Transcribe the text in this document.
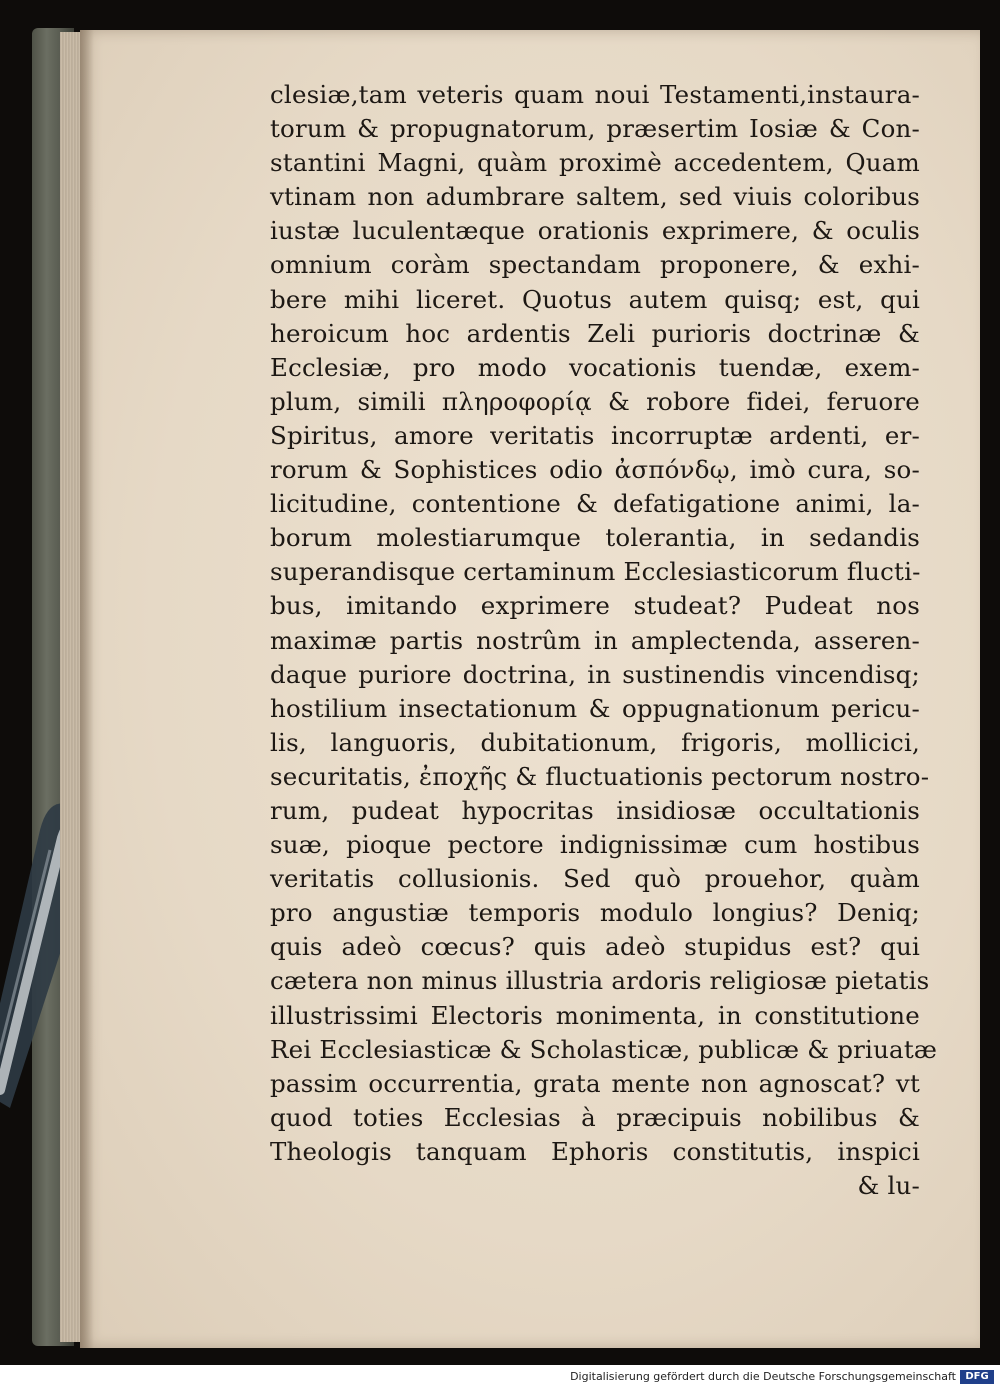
clesiæ,tam veteris quam noui Testamenti,instaura-
torum & propugnatorum, præsertim Iosiæ & Con-
stantini Magni, quàm proximè accedentem, Quam
vtinam non adumbrare saltem, sed viuis coloribus
iustæ luculentæque orationis exprimere, & oculis
omnium coràm spectandam proponere, & exhi-
bere mihi liceret. Quotus autem quisq; est, qui
heroicum hoc ardentis Zeli purioris doctrinæ &
Ecclesiæ, pro modo vocationis tuendæ, exem-
plum, simili πληροφορίᾳ & robore fidei, feruore
Spiritus, amore veritatis incorruptæ ardenti, er-
rorum & Sophistices odio ἀσπόνδῳ, imò cura, so-
licitudine, contentione & defatigatione animi, la-
borum molestiarumque tolerantia, in sedandis
superandisque certaminum Ecclesiasticorum flucti-
bus, imitando exprimere studeat? Pudeat nos
maximæ partis nostrûm in amplectenda, asseren-
daque puriore doctrina, in sustinendis vincendisq;
hostilium insectationum & oppugnationum pericu-
lis, languoris, dubitationum, frigoris, mollicici,
securitatis, ἐποχῆς & fluctuationis pectorum nostro-
rum, pudeat hypocritas insidiosæ occultationis
suæ, pioque pectore indignissimæ cum hostibus
veritatis collusionis. Sed quò prouehor, quàm
pro angustiæ temporis modulo longius? Deniq;
quis adeò cœcus? quis adeò stupidus est? qui
cætera non minus illustria ardoris religiosæ pietatis
illustrissimi Electoris monimenta, in constitutione
Rei Ecclesiasticæ & Scholasticæ, publicæ & priuatæ
passim occurrentia, grata mente non agnoscat? vt
quod toties Ecclesias à præcipuis nobilibus &
Theologis tanquam Ephoris constitutis, inspici
& lu-
Digitalisierung gefördert durch die Deutsche Forschungsgemeinschaft DFG
